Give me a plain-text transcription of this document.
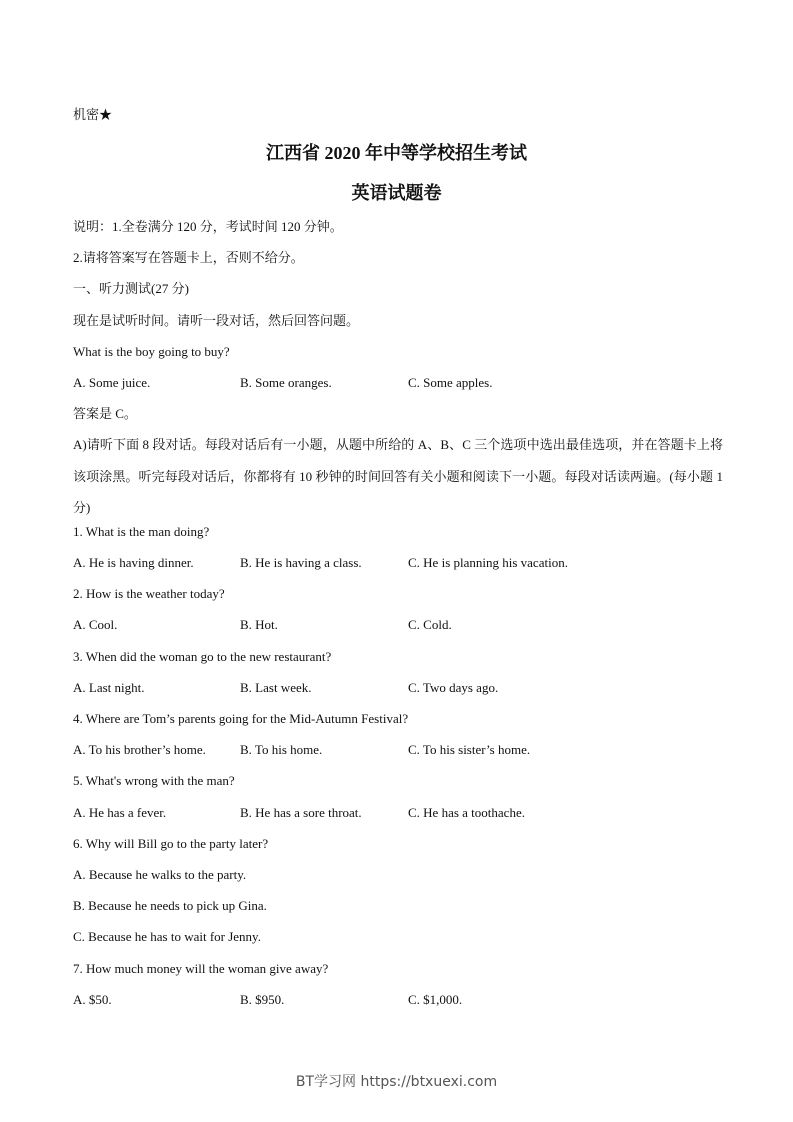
机密★
江西省 2020 年中等学校招生考试
英语试题卷
说明：1.全卷满分 120 分，考试时间 120 分钟。
2.请将答案写在答题卡上，否则不给分。
一、听力测试(27 分)
现在是试听时间。请听一段对话，然后回答问题。
What is the boy going to buy?
A. Some juice.	B. Some oranges.	C. Some apples.
答案是 C。

A)请听下面 8 段对话。每段对话后有一小题，从题中所给的 A、B、C 三个选项中选出最佳选项，并在答题卡上将该项涂黑。听完每段对话后，你都将有 10 秒钟的时间回答有关小题和阅读下一小题。每段对话读两遍。(每小题 1 分)

1. What is the man doing?
A. He is having dinner.	B. He is having a class.	C. He is planning his vacation.
2. How is the weather today?
A. Cool.	B. Hot.	C. Cold.
3. When did the woman go to the new restaurant?
A. Last night.	B. Last week.	C. Two days ago.
4. Where are Tom’s parents going for the Mid-Autumn Festival?
A. To his brother’s home.	B. To his home.	C. To his sister’s home.
5. What's wrong with the man?
A. He has a fever.	B. He has a sore throat.	C. He has a toothache.
6. Why will Bill go to the party later?
A. Because he walks to the party.
B. Because he needs to pick up Gina.
C. Because he has to wait for Jenny.
7. How much money will the woman give away?
A. $50.	B. $950.	C. $1,000.
BT学习网 https://btxuexi.com
